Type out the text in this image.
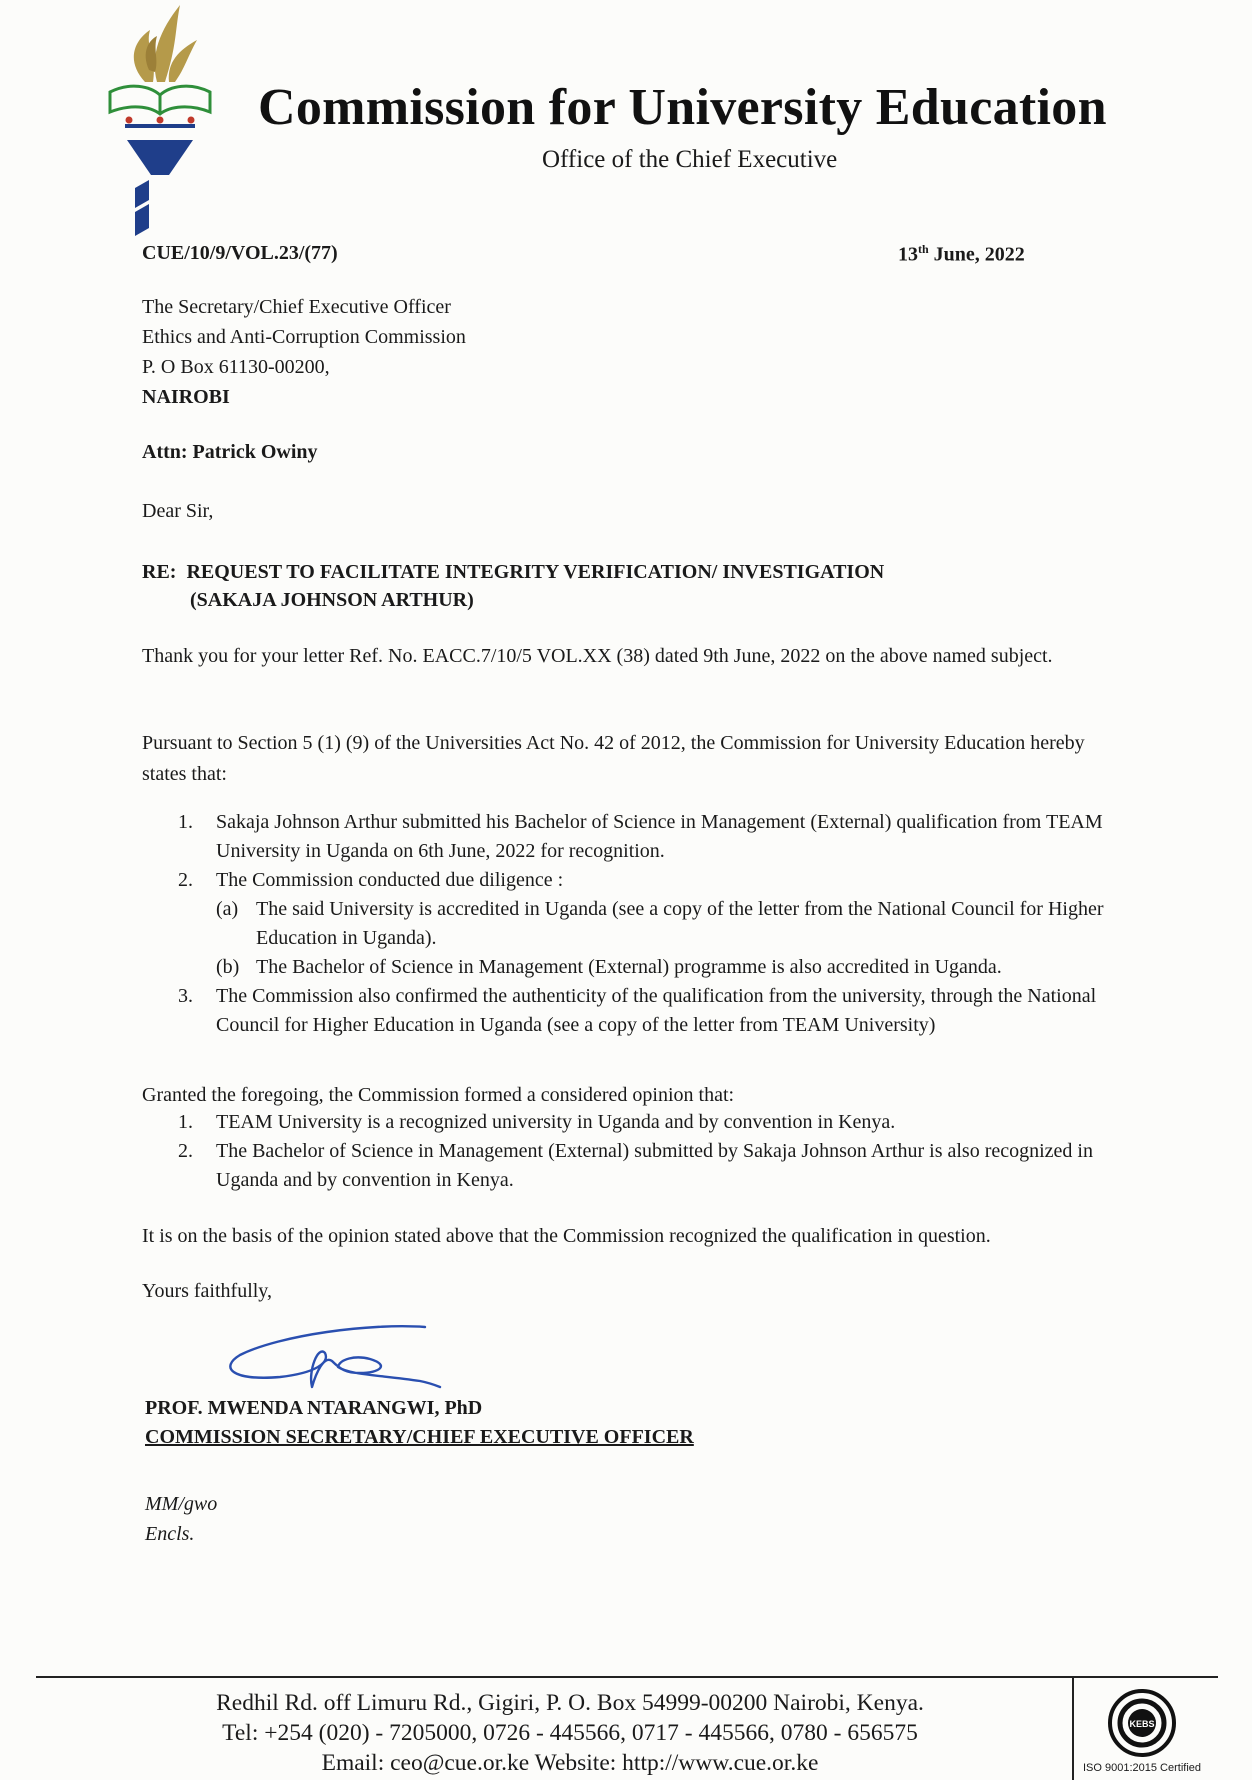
Commission for University Education
Office of the Chief Executive
CUE/10/9/VOL.23/(77)	13th June, 2022
The Secretary/Chief Executive Officer
Ethics and Anti-Corruption Commission
P. O Box 61130-00200,
NAIROBI
Attn: Patrick Owiny
Dear Sir,
RE:  REQUEST TO FACILITATE INTEGRITY VERIFICATION/ INVESTIGATION
(SAKAJA JOHNSON ARTHUR)
Thank you for your letter Ref. No. EACC.7/10/5 VOL.XX (38) dated 9th June, 2022 on the above named subject.
Pursuant to Section 5 (1) (9) of the Universities Act No. 42 of 2012, the Commission for University Education hereby states that:
1. Sakaja Johnson Arthur submitted his Bachelor of Science in Management (External) qualification from TEAM University in Uganda on 6th June, 2022 for recognition.
2. The Commission conducted due diligence :
(a) The said University is accredited in Uganda (see a copy of the letter from the National Council for Higher Education in Uganda).
(b) The Bachelor of Science in Management (External) programme is also accredited in Uganda.
3. The Commission also confirmed the authenticity of the qualification from the university, through the National Council for Higher Education in Uganda (see a copy of the letter from TEAM University)
Granted the foregoing, the Commission formed a considered opinion that:
1. TEAM University is a recognized university in Uganda and by convention in Kenya.
2. The Bachelor of Science in Management (External) submitted by Sakaja Johnson Arthur is also recognized in Uganda and by convention in Kenya.
It is on the basis of the opinion stated above that the Commission recognized the qualification in question.
Yours faithfully,
PROF. MWENDA NTARANGWI, PhD
COMMISSION SECRETARY/CHIEF EXECUTIVE OFFICER
MM/gwo
Encls.
Redhil Rd. off Limuru Rd., Gigiri, P. O. Box 54999-00200 Nairobi, Kenya.
Tel: +254 (020) - 7205000, 0726 - 445566, 0717 - 445566, 0780 - 656575
Email: ceo@cue.or.ke Website: http://www.cue.or.ke
KEBS
ISO 9001:2015 Certified
